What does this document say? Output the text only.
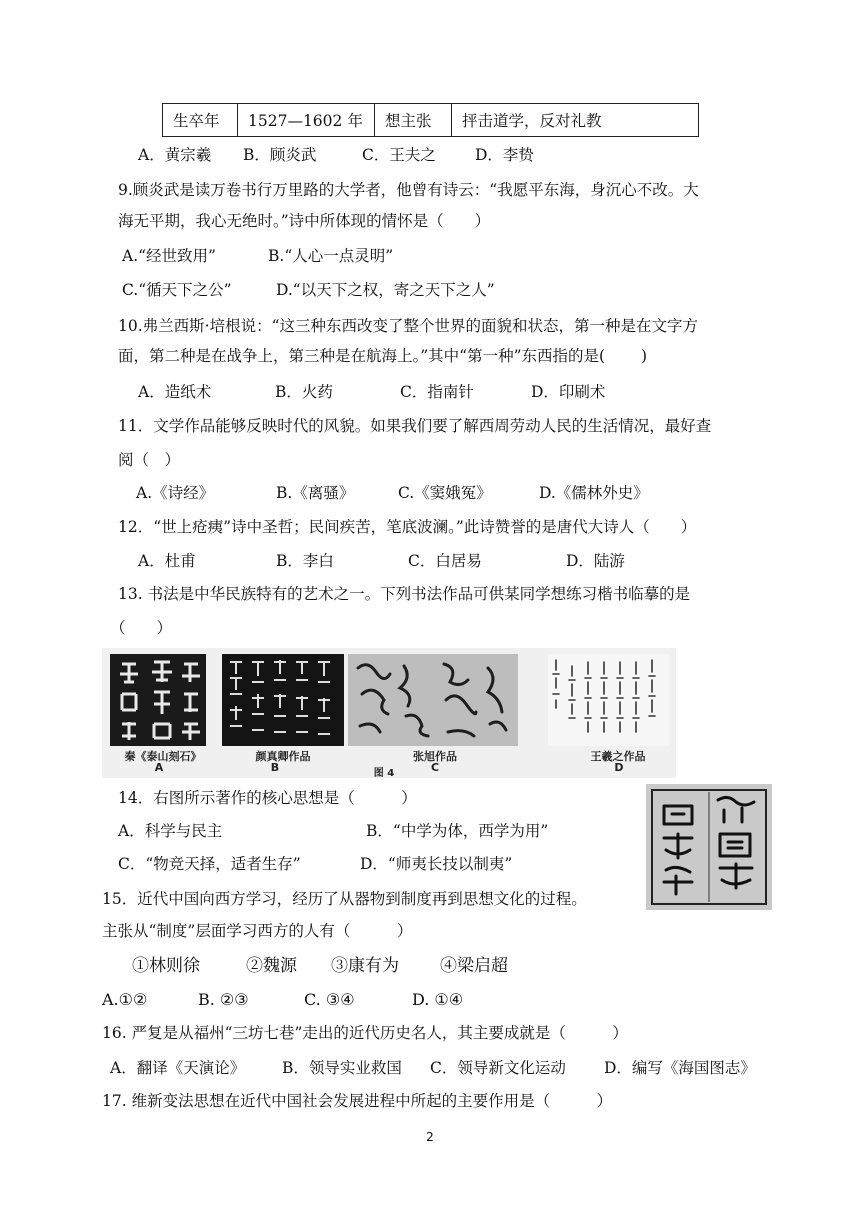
生卒年	1527—1602 年	想主张	抨击道学，反对礼教
A．黄宗羲 B．顾炎武	C．王夫之	D．李贽
9.顾炎武是读万卷书行万里路的大学者，他曾有诗云：“我愿平东海，身沉心不改。大
海无平期，我心无绝时。”诗中所体现的情怀是（　　）
A.“经世致用”	B.“人心一点灵明”
C.“循天下之公”	D.“以天下之权，寄之天下之人”
10.弗兰西斯·培根说：“这三种东西改变了整个世界的面貌和状态，第一种是在文字方
面，第二种是在战争上，第三种是在航海上。”其中“第一种”东西指的是(　　 )
A．造纸术	B．火药	C．指南针	D．印刷术
11．文学作品能够反映时代的风貌。如果我们要了解西周劳动人民的生活情况，最好查
阅（　）
A.《诗经》	B.《离骚》	C.《窦娥冤》	D.《儒林外史》
12．“世上疮痍”诗中圣哲；民间疾苦，笔底波澜。”此诗赞誉的是唐代大诗人（　　）
A．杜甫	B．李白	C．白居易	D．陆游
13. 书法是中华民族特有的艺术之一。下列书法作品可供某同学想练习楷书临摹的是
（　　）
秦《泰山刻石》	颜真卿作品	张旭作品	王羲之作品
A	B	C	D
图 4
14．右图所示著作的核心思想是（　　　）
A．科学与民主	B．“中学为体，西学为用”
C．“物竞天择，适者生存”	D．“师夷长技以制夷”
15．近代中国向西方学习，经历了从器物到制度再到思想文化的过程。
主张从“制度”层面学习西方的人有（　　　）
①林则徐	②魏源 ③康有为 ④梁启超
A.①②	B. ②③	C. ③④	D. ①④
16. 严复是从福州“三坊七巷”走出的近代历史名人，其主要成就是（　　　）
A．翻译《天演论》 B．领导实业救国 C．领导新文化运动 D．编写《海国图志》
17. 维新变法思想在近代中国社会发展进程中所起的主要作用是（　　　）
2
